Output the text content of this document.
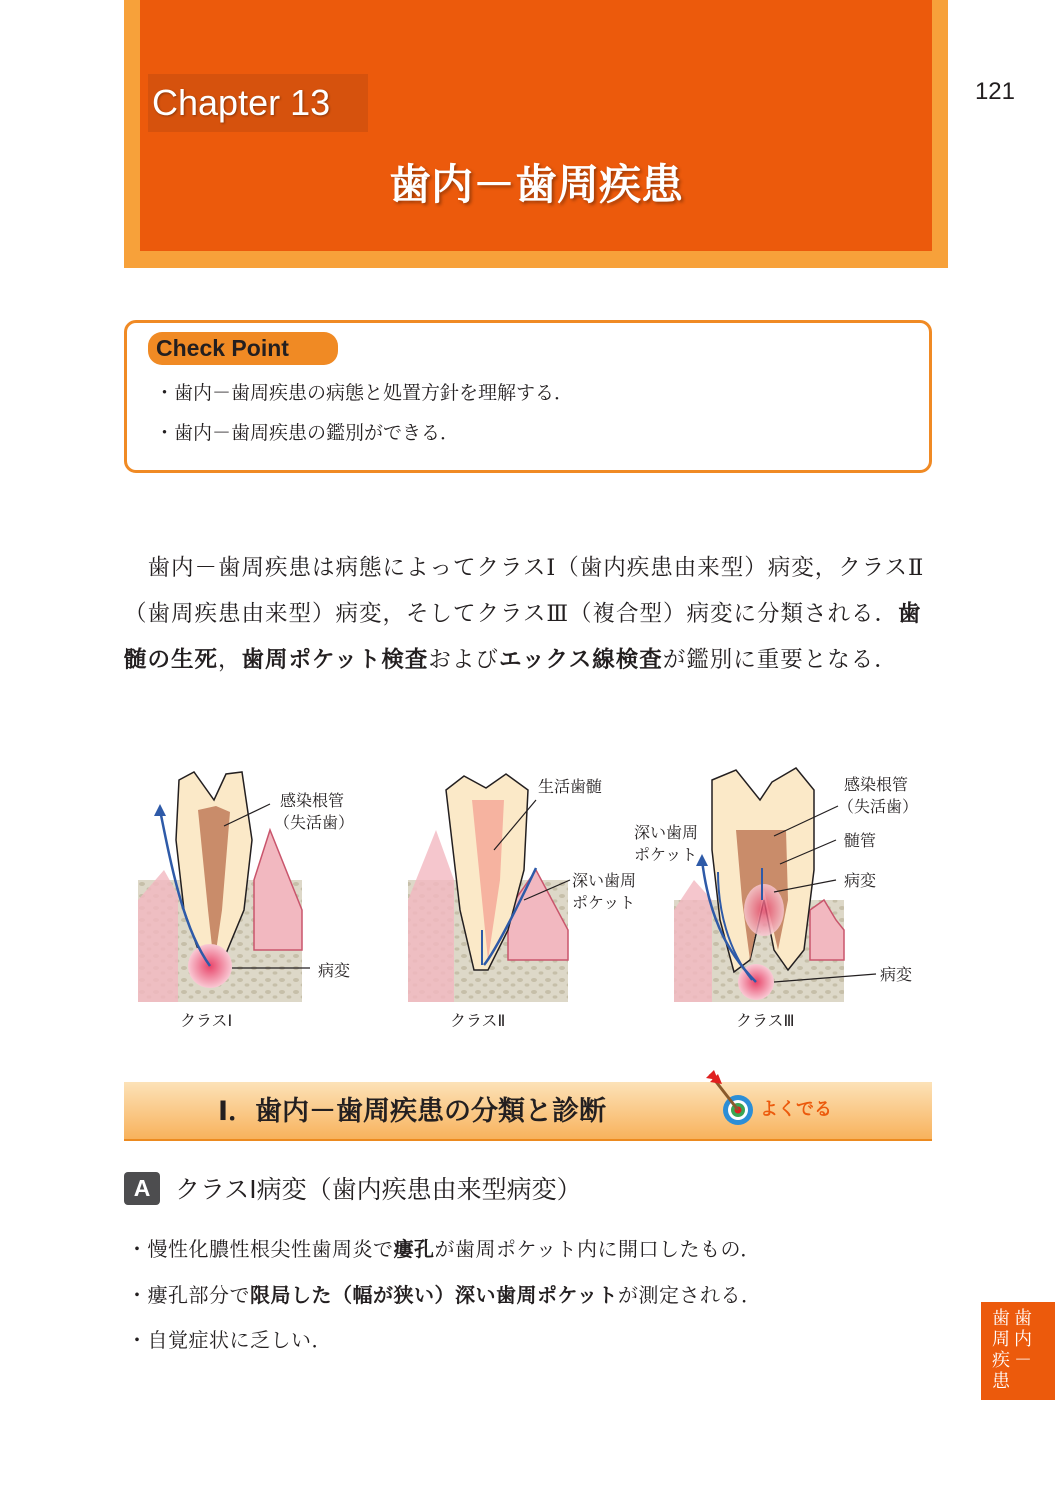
Chapter 13
歯内－歯周疾患
121
Check Point
・歯内－歯周疾患の病態と処置方針を理解する．
・歯内－歯周疾患の鑑別ができる．
　歯内－歯周疾患は病態によってクラスⅠ（歯内疾患由来型）病変，クラスⅡ（歯周疾患由来型）病変，そしてクラスⅢ（複合型）病変に分類される．歯髄の生死，歯周ポケット検査およびエックス線検査が鑑別に重要となる．
感染根管
（失活歯）
病変
クラスⅠ
生活歯髄
深い歯周
ポケット
クラスⅡ
感染根管
（失活歯）
深い歯周
ポケット
髄管
病変
病変
クラスⅢ
Ⅰ．歯内－歯周疾患の分類と診断	よくでる
A クラスⅠ病変（歯内疾患由来型病変）
・慢性化膿性根尖性歯周炎で瘻孔が歯周ポケット内に開口したもの．
・瘻孔部分で限局した（幅が狭い）深い歯周ポケットが測定される．
・自覚症状に乏しい．
歯
内
－
歯
周
疾
患
